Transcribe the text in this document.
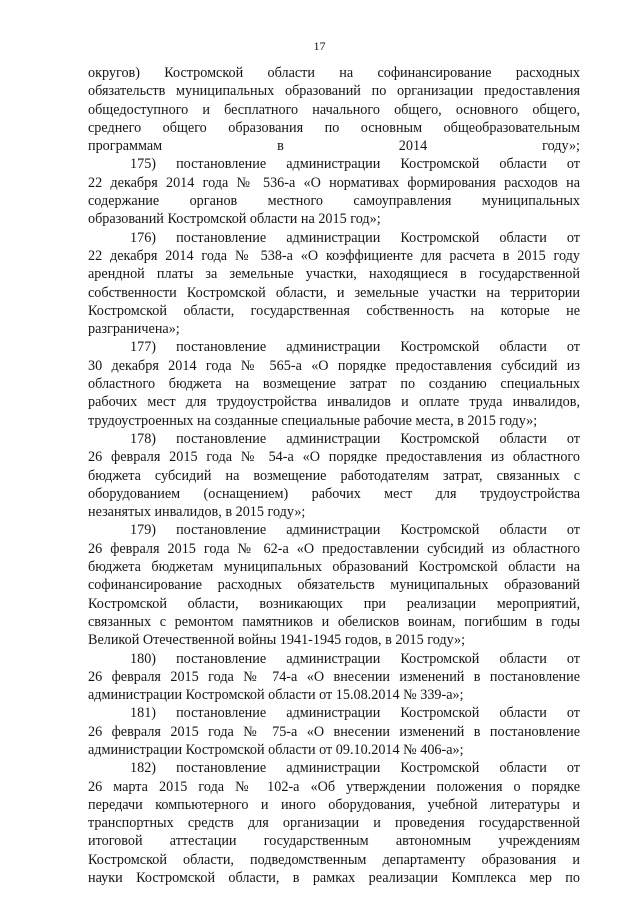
17

округов) Костромской области на софинансирование расходных
обязательств муниципальных образований по организации предоставления
общедоступного и бесплатного начального общего, основного общего,
среднего общего образования по основным общеобразовательным
программам в 2014 году»;

175) постановление администрации Костромской области от
22 декабря 2014 года № 536-а «О нормативах формирования расходов на
содержание органов местного самоуправления муниципальных
образований Костромской области на 2015 год»;

176) постановление администрации Костромской области от
22 декабря 2014 года № 538-а «О коэффициенте для расчета в 2015 году
арендной платы за земельные участки, находящиеся в государственной
собственности Костромской области, и земельные участки на территории
Костромской области, государственная собственность на которые не
разграничена»;

177) постановление администрации Костромской области от
30 декабря 2014 года № 565-а «О порядке предоставления субсидий из
областного бюджета на возмещение затрат по созданию специальных
рабочих мест для трудоустройства инвалидов и оплате труда инвалидов,
трудоустроенных на созданные специальные рабочие места, в 2015 году»;

178) постановление администрации Костромской области от
26 февраля 2015 года № 54-а «О порядке предоставления из областного
бюджета субсидий на возмещение работодателям затрат, связанных с
оборудованием (оснащением) рабочих мест для трудоустройства
незанятых инвалидов, в 2015 году»;

179) постановление администрации Костромской области от
26 февраля 2015 года № 62-а «О предоставлении субсидий из областного
бюджета бюджетам муниципальных образований Костромской области на
софинансирование расходных обязательств муниципальных образований
Костромской области, возникающих при реализации мероприятий,
связанных с ремонтом памятников и обелисков воинам, погибшим в годы
Великой Отечественной войны 1941-1945 годов, в 2015 году»;

180) постановление администрации Костромской области от
26 февраля 2015 года № 74-а «О внесении изменений в постановление
администрации Костромской области от 15.08.2014 № 339-а»;

181) постановление администрации Костромской области от
26 февраля 2015 года № 75-а «О внесении изменений в постановление
администрации Костромской области от 09.10.2014 № 406-а»;

182) постановление администрации Костромской области от
26 марта 2015 года № 102-а «Об утверждении положения о порядке
передачи компьютерного и иного оборудования, учебной литературы и
транспортных средств для организации и проведения государственной
итоговой аттестации государственным автономным учреждениям
Костромской области, подведомственным департаменту образования и
науки Костромской области, в рамках реализации Комплекса мер по
